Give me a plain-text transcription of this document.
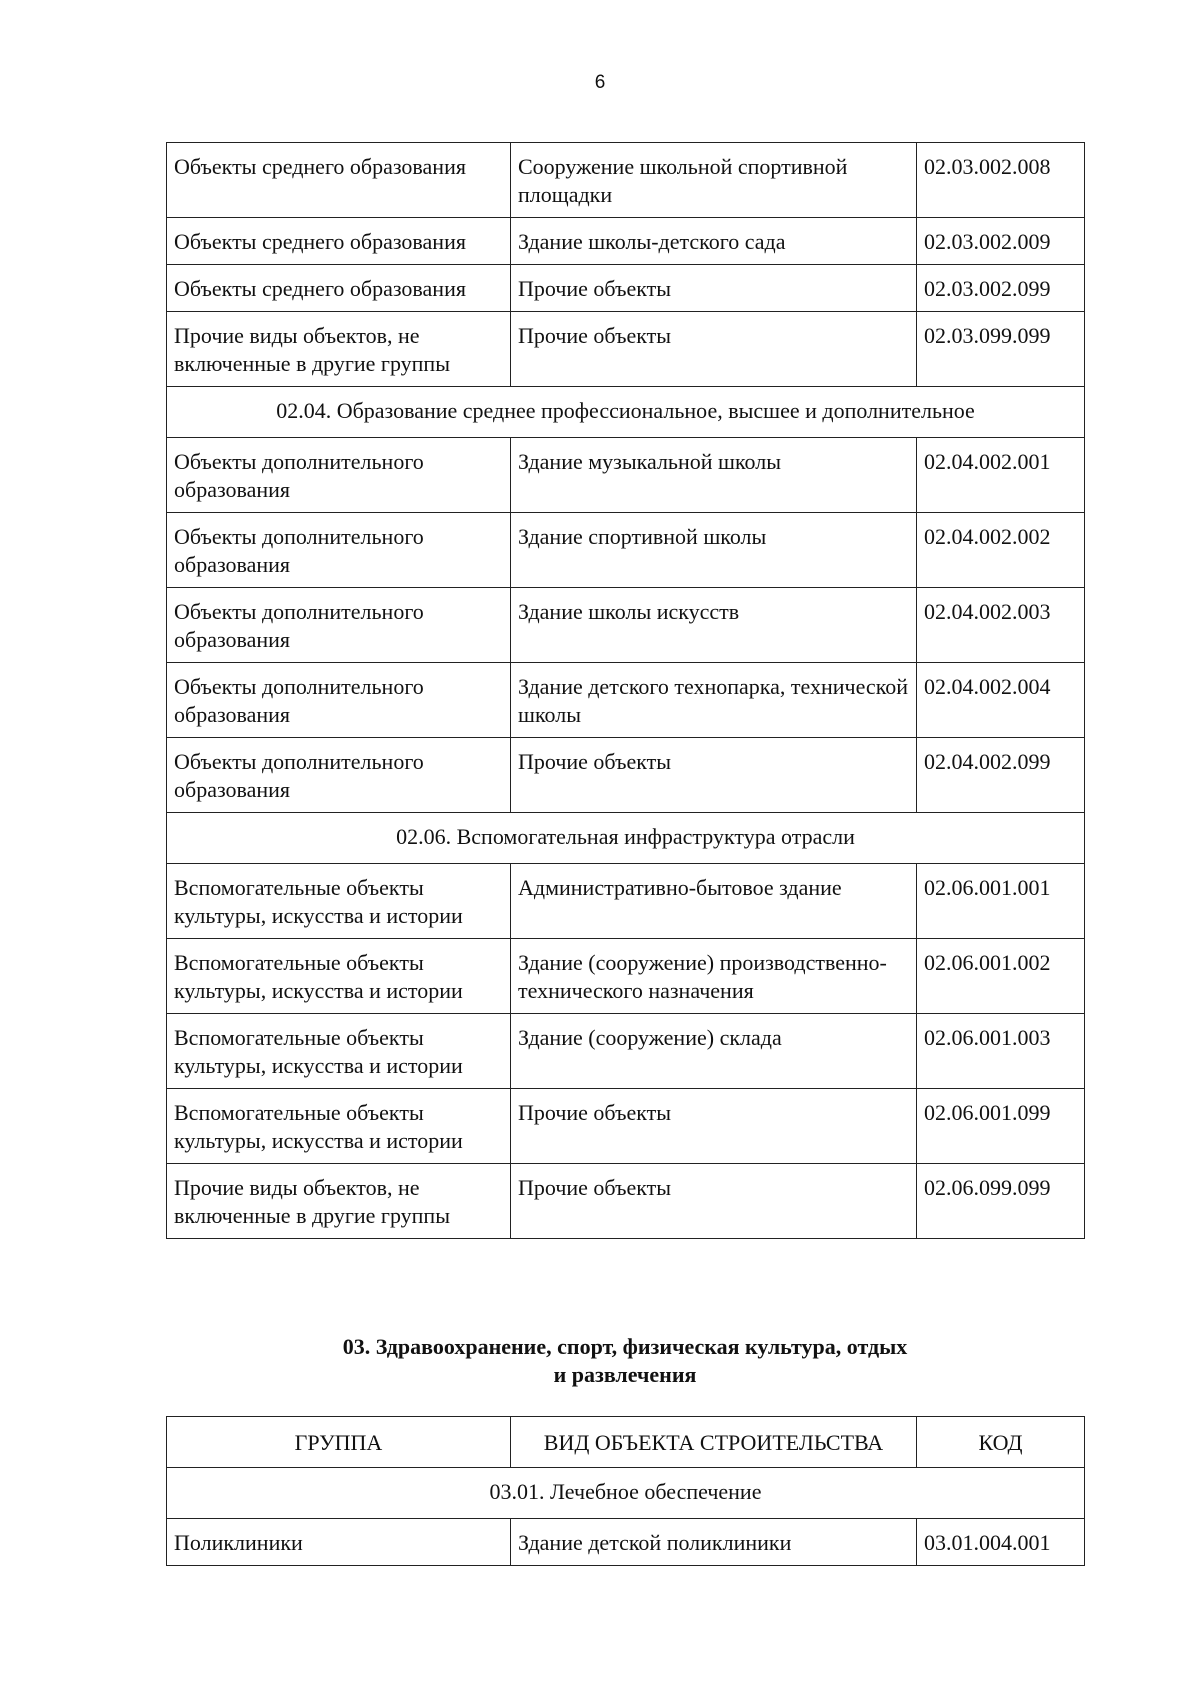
6
Объекты среднего образования	Сооружение школьной спортивной площадки	02.03.002.008
Объекты среднего образования	Здание школы-детского сада	02.03.002.009
Объекты среднего образования	Прочие объекты	02.03.002.099
Прочие виды объектов, не включенные в другие группы	Прочие объекты	02.03.099.099
02.04. Образование среднее профессиональное, высшее и дополнительное		
Объекты дополнительного образования	Здание музыкальной школы	02.04.002.001
Объекты дополнительного образования	Здание спортивной школы	02.04.002.002
Объекты дополнительного образования	Здание школы искусств	02.04.002.003
Объекты дополнительного образования	Здание детского технопарка, технической школы	02.04.002.004
Объекты дополнительного образования	Прочие объекты	02.04.002.099
02.06. Вспомогательная инфраструктура отрасли		
Вспомогательные объекты культуры, искусства и истории	Административно-бытовое здание	02.06.001.001
Вспомогательные объекты культуры, искусства и истории	Здание (сооружение) производственно-технического назначения	02.06.001.002
Вспомогательные объекты культуры, искусства и истории	Здание (сооружение) склада	02.06.001.003
Вспомогательные объекты культуры, искусства и истории	Прочие объекты	02.06.001.099
Прочие виды объектов, не включенные в другие группы	Прочие объекты	02.06.099.099
03. Здравоохранение, спорт, физическая культура, отдых
и развлечения
ГРУППА	ВИД ОБЪЕКТА СТРОИТЕЛЬСТВА	КОД
03.01. Лечебное обеспечение		
Поликлиники	Здание детской поликлиники	03.01.004.001
